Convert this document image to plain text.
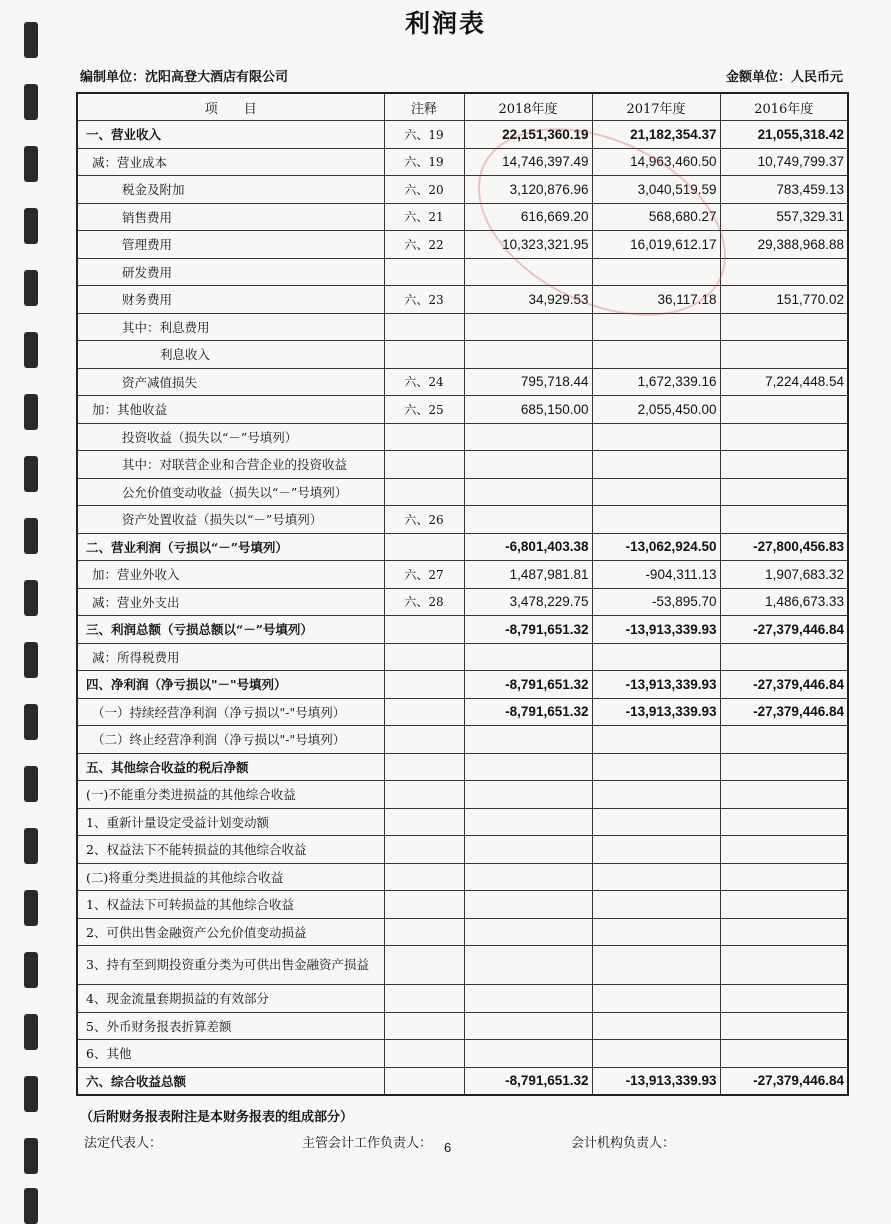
利润表
编制单位：沈阳高登大酒店有限公司	金额单位：人民币元
项　　目	注释	2018年度	2017年度	2016年度
一、营业收入	六、19	22,151,360.19	21,182,354.37	21,055,318.42
减：营业成本	六、19	14,746,397.49	14,963,460.50	10,749,799.37
税金及附加	六、20	3,120,876.96	3,040,519.59	783,459.13
销售费用	六、21	616,669.20	568,680.27	557,329.31
管理费用	六、22	10,323,321.95	16,019,612.17	29,388,968.88
研发费用				
财务费用	六、23	34,929.53	36,117.18	151,770.02
其中：利息费用				
利息收入				
资产减值损失	六、24	795,718.44	1,672,339.16	7,224,448.54
加：其他收益	六、25	685,150.00	2,055,450.00	
投资收益（损失以“－”号填列）				
其中：对联营企业和合营企业的投资收益				
公允价值变动收益（损失以“－”号填列）				
资产处置收益（损失以“－”号填列）	六、26			
二、营业利润（亏损以“－”号填列）		-6,801,403.38	-13,062,924.50	-27,800,456.83
加：营业外收入	六、27	1,487,981.81	-904,311.13	1,907,683.32
减：营业外支出	六、28	3,478,229.75	-53,895.70	1,486,673.33
三、利润总额（亏损总额以“－”号填列）		-8,791,651.32	-13,913,339.93	-27,379,446.84
减：所得税费用				
四、净利润（净亏损以"－"号填列）		-8,791,651.32	-13,913,339.93	-27,379,446.84
（一）持续经营净利润（净亏损以"-"号填列）		-8,791,651.32	-13,913,339.93	-27,379,446.84
（二）终止经营净利润（净亏损以"-"号填列）				
五、其他综合收益的税后净额				
(一)不能重分类进损益的其他综合收益				
1、重新计量设定受益计划变动额				
2、权益法下不能转损益的其他综合收益				
(二)将重分类进损益的其他综合收益				
1、权益法下可转损益的其他综合收益				
2、可供出售金融资产公允价值变动损益				
3、持有至到期投资重分类为可供出售金融资产损益				
4、现金流量套期损益的有效部分				
5、外币财务报表折算差额				
6、其他				
六、综合收益总额		-8,791,651.32	-13,913,339.93	-27,379,446.84
（后附财务报表附注是本财务报表的组成部分）
法定代表人：	主管会计工作负责人：	会计机构负责人：
6
